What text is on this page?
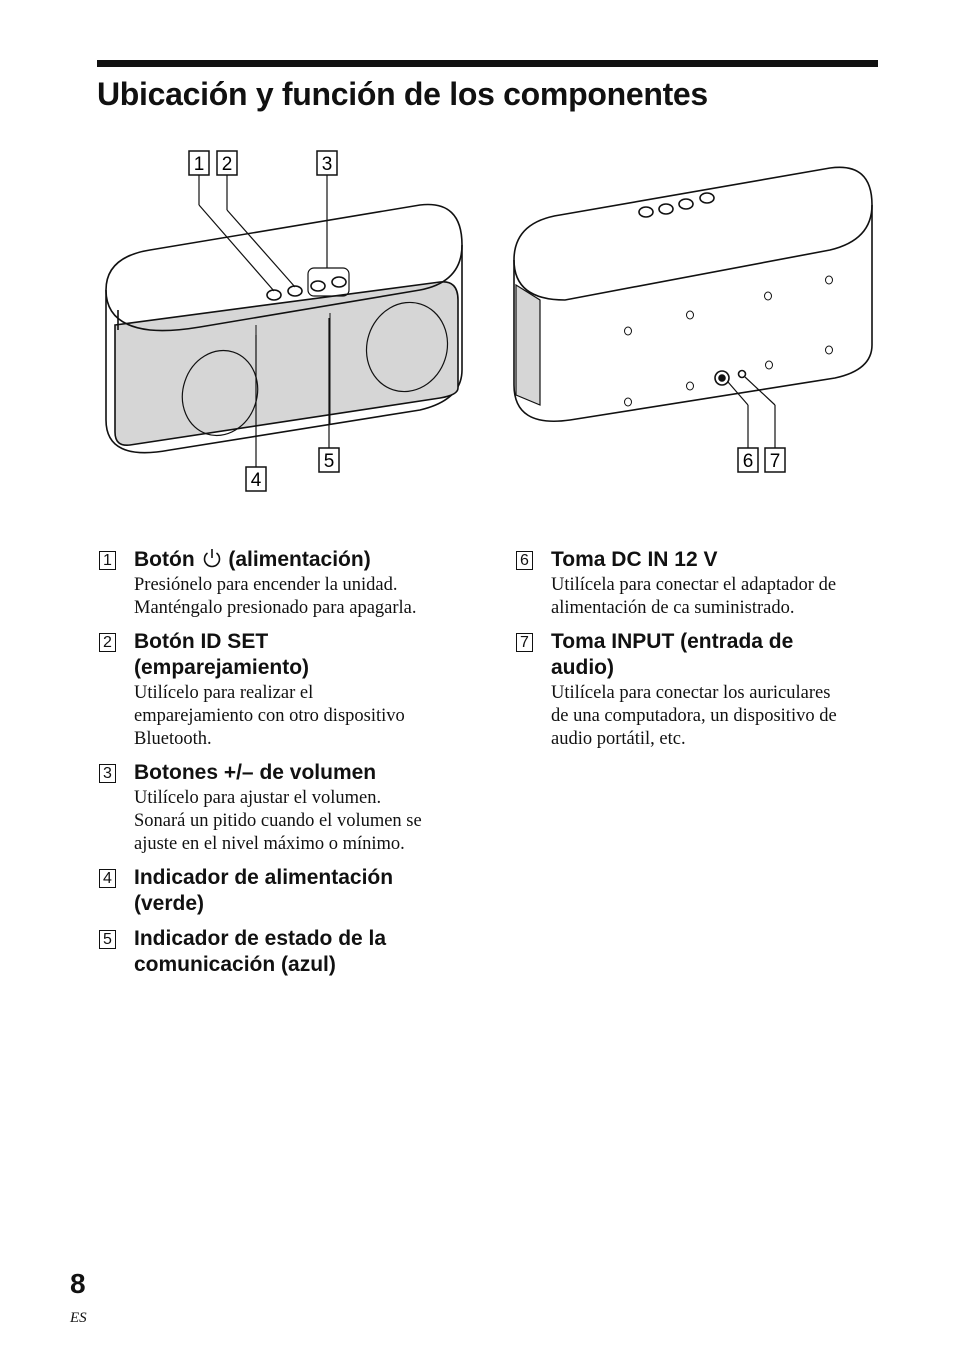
Ubicación y función de los componentes
1 2	3
4
5	6 7
1 Botón (alimentación)
Presiónelo para encender la unidad.
Manténgalo presionado para apagarla.
2 Botón ID SET
(emparejamiento)
Utilícelo para realizar el
emparejamiento con otro dispositivo
Bluetooth.
3 Botones +/– de volumen
Utilícelo para ajustar el volumen.
Sonará un pitido cuando el volumen se
ajuste en el nivel máximo o mínimo.
4 Indicador de alimentación
(verde)
5 Indicador de estado de la
comunicación (azul)
6 Toma DC IN 12 V
Utilícela para conectar el adaptador de
alimentación de ca suministrado.
7 Toma INPUT (entrada de
audio)
Utilícela para conectar los auriculares
de una computadora, un dispositivo de
audio portátil, etc.
8
ES
